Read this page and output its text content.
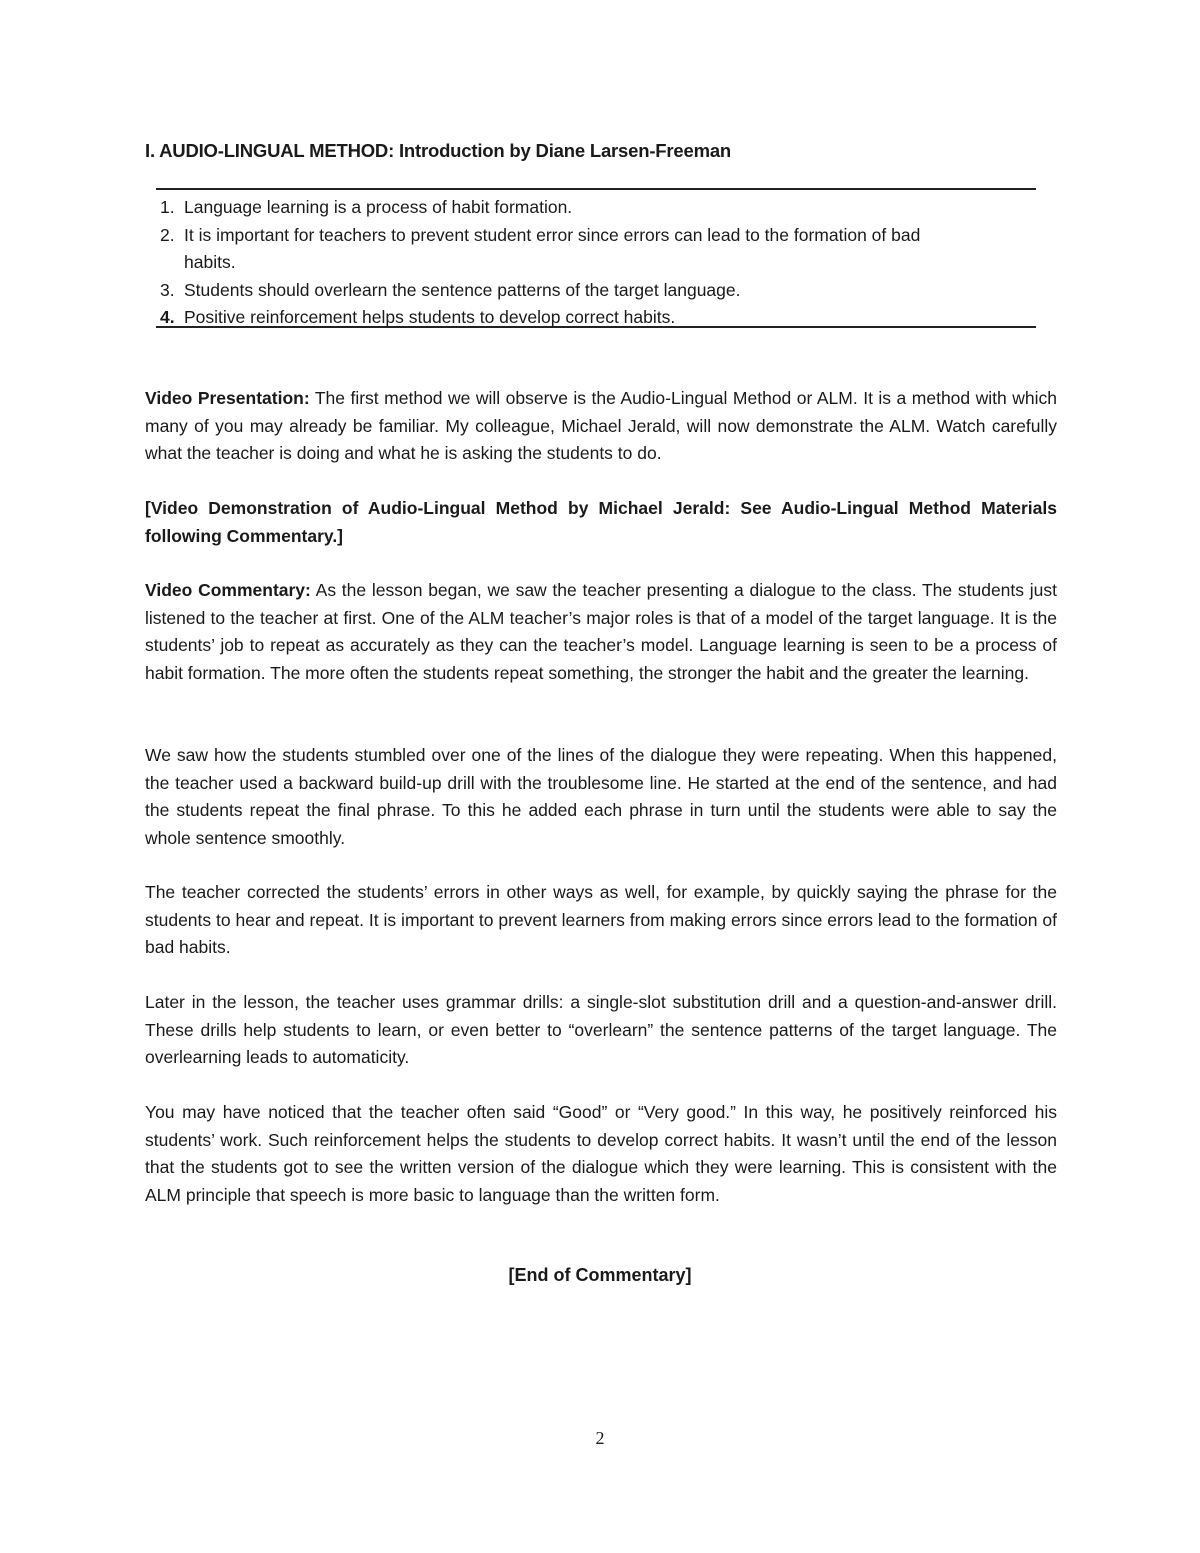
I. AUDIO-LINGUAL METHOD: Introduction by Diane Larsen-Freeman
1. Language learning is a process of habit formation.
2. It is important for teachers to prevent student error since errors can lead to the formation of bad habits.
3. Students should overlearn the sentence patterns of the target language.
4. Positive reinforcement helps students to develop correct habits.

Video Presentation: The first method we will observe is the Audio-Lingual Method or ALM. It is a method with which many of you may already be familiar. My colleague, Michael Jerald, will now demonstrate the ALM. Watch carefully what the teacher is doing and what he is asking the students to do.

[Video Demonstration of Audio-Lingual Method by Michael Jerald: See Audio-Lingual Method Materials following Commentary.]

Video Commentary: As the lesson began, we saw the teacher presenting a dialogue to the class. The students just listened to the teacher at first. One of the ALM teacher’s major roles is that of a model of the target language. It is the students’ job to repeat as accurately as they can the teacher’s model. Language learning is seen to be a process of habit formation. The more often the students repeat something, the stronger the habit and the greater the learning.

We saw how the students stumbled over one of the lines of the dialogue they were repeating. When this happened, the teacher used a backward build-up drill with the troublesome line. He started at the end of the sentence, and had the students repeat the final phrase. To this he added each phrase in turn until the students were able to say the whole sentence smoothly.

The teacher corrected the students’ errors in other ways as well, for example, by quickly saying the phrase for the students to hear and repeat. It is important to prevent learners from making errors since errors lead to the formation of bad habits.

Later in the lesson, the teacher uses grammar drills: a single-slot substitution drill and a question-and-answer drill. These drills help students to learn, or even better to “overlearn” the sentence patterns of the target language. The overlearning leads to automaticity.

You may have noticed that the teacher often said “Good” or “Very good.” In this way, he positively reinforced his students’ work. Such reinforcement helps the students to develop correct habits. It wasn’t until the end of the lesson that the students got to see the written version of the dialogue which they were learning. This is consistent with the ALM principle that speech is more basic to language than the written form.

[End of Commentary]

2
